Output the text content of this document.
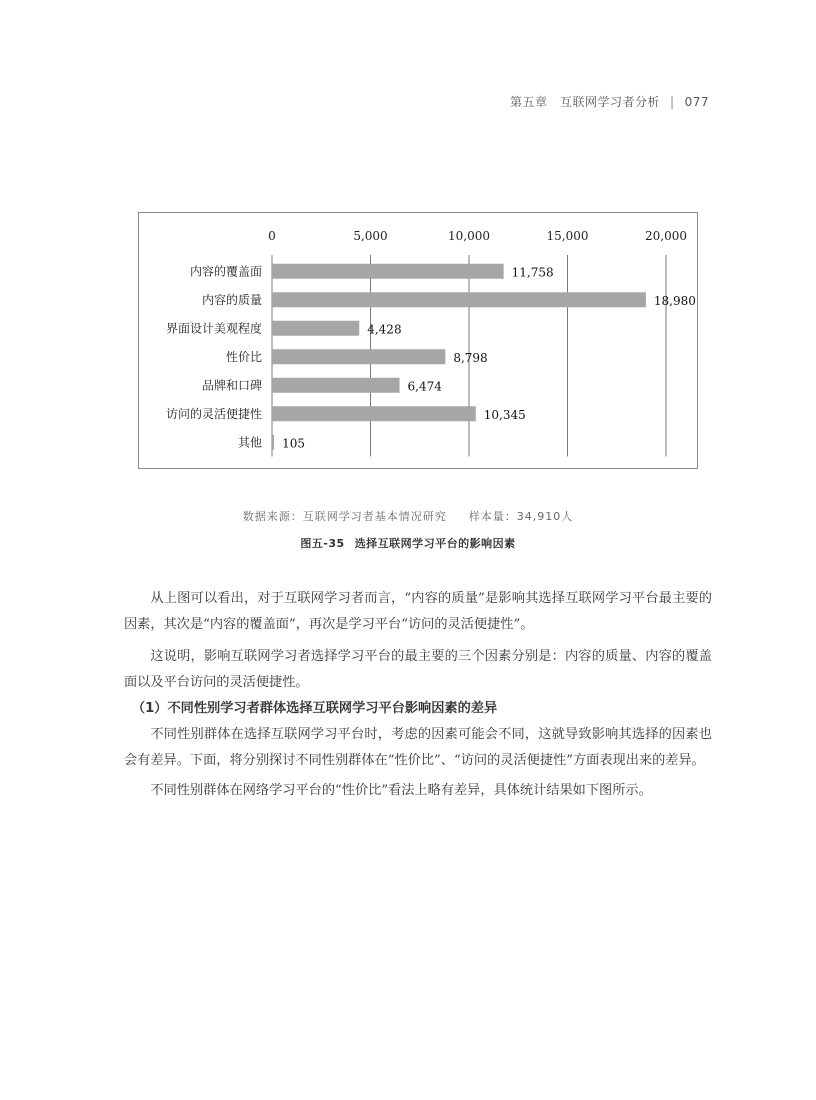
第五章　互联网学习者分析 | 077
0	5,000	10,000	15,000	20,000
内容的覆盖面	11,758
内容的质量	18,980
界面设计美观程度	4,428
性价比	8,798
品牌和口碑	6,474
访问的灵活便捷性	10,345
其他 105
数据来源：互联网学习者基本情况研究 样本量：34,910人
图五-35 选择互联网学习平台的影响因素

从上图可以看出，对于互联网学习者而言，“内容的质量”是影响其选择互联网学习平台最主要的因素，其次是“内容的覆盖面”，再次是学习平台“访问的灵活便捷性”。

这说明，影响互联网学习者选择学习平台的最主要的三个因素分别是：内容的质量、内容的覆盖面以及平台访问的灵活便捷性。

（1）不同性别学习者群体选择互联网学习平台影响因素的差异

不同性别群体在选择互联网学习平台时，考虑的因素可能会不同，这就导致影响其选择的因素也会有差异。下面，将分别探讨不同性别群体在“性价比”、“访问的灵活便捷性”方面表现出来的差异。

不同性别群体在网络学习平台的“性价比”看法上略有差异，具体统计结果如下图所示。
